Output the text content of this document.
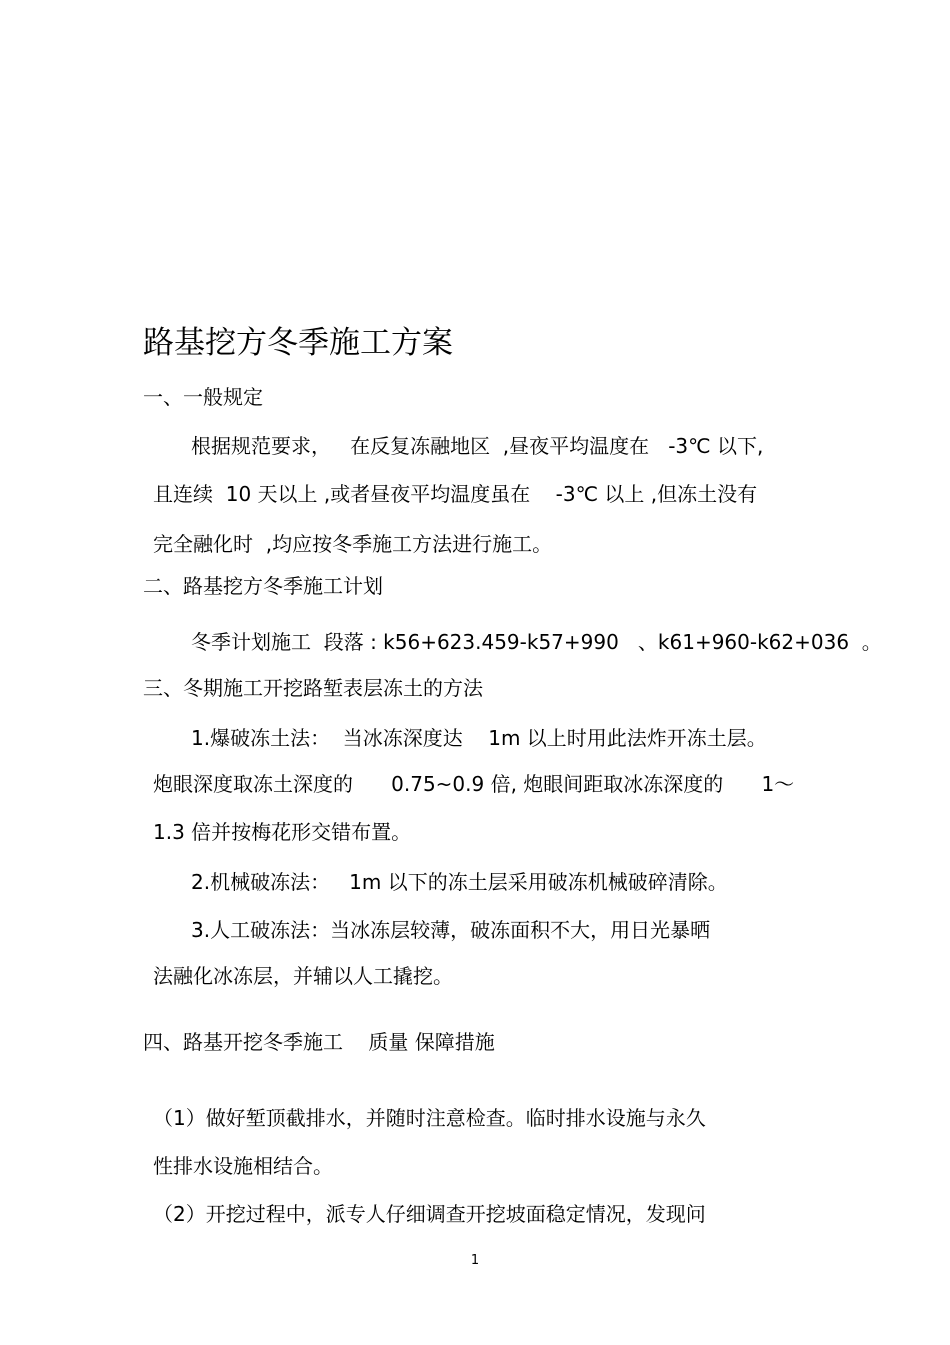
路基挖方冬季施工方案
一、一般规定
根据规范要求，   在反复冻融地区  ,昼夜平均温度在   -3℃ 以下,
且连续  10 天以上 ,或者昼夜平均温度虽在    -3℃ 以上 ,但冻土没有
完全融化时  ,均应按冬季施工方法进行施工。
二、路基挖方冬季施工计划
冬季计划施工  段落 : k56+623.459-k57+990   、k61+960-k62+036  。
三、冬期施工开挖路堑表层冻土的方法
1.爆破冻土法：  当冰冻深度达    1m 以上时用此法炸开冻土层。
炮眼深度取冻土深度的      0.75~0.9 倍, 炮眼间距取冰冻深度的      1～
1.3 倍并按梅花形交错布置。
2.机械破冻法：   1m 以下的冻土层采用破冻机械破碎清除。
3.人工破冻法：当冰冻层较薄，破冻面积不大，用日光暴晒
法融化冰冻层，并辅以人工撬挖。
四、路基开挖冬季施工    质量 保障措施
（1）做好堑顶截排水，并随时注意检查。临时排水设施与永久
性排水设施相结合。
（2）开挖过程中，派专人仔细调查开挖坡面稳定情况，发现问
1
